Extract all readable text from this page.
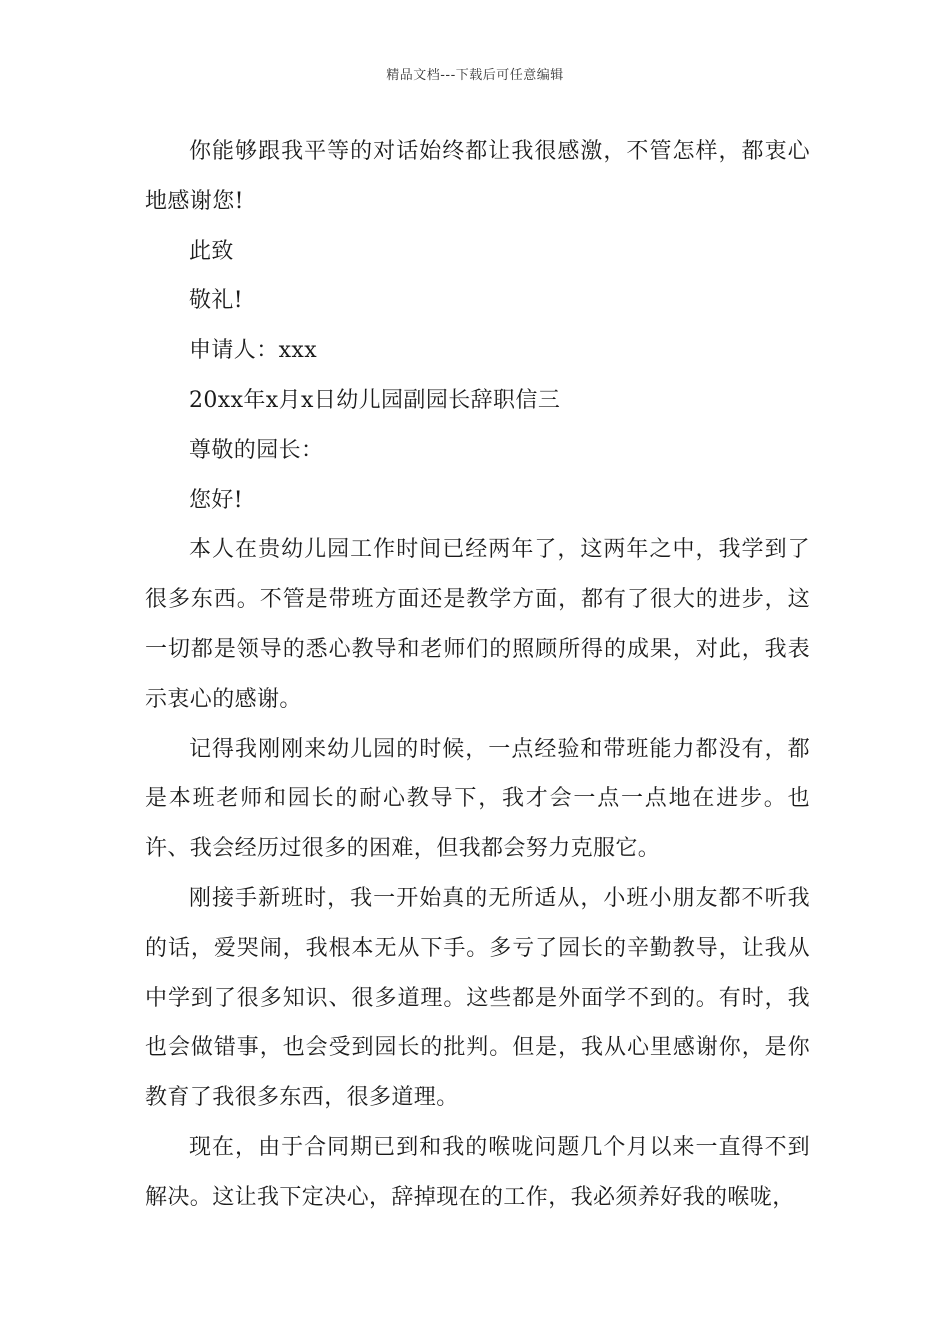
精品文档---下载后可任意编辑

你能够跟我平等的对话始终都让我很感激，不管怎样，都衷心地感谢您!

此致

敬礼!

申请人：xxx

20xx年x月x日幼儿园副园长辞职信三

尊敬的园长：

您好!

本人在贵幼儿园工作时间已经两年了，这两年之中，我学到了很多东西。不管是带班方面还是教学方面，都有了很大的进步，这一切都是领导的悉心教导和老师们的照顾所得的成果，对此，我表示衷心的感谢。

记得我刚刚来幼儿园的时候，一点经验和带班能力都没有，都是本班老师和园长的耐心教导下，我才会一点一点地在进步。也许、我会经历过很多的困难，但我都会努力克服它。

刚接手新班时，我一开始真的无所适从，小班小朋友都不听我的话，爱哭闹，我根本无从下手。多亏了园长的辛勤教导，让我从中学到了很多知识、很多道理。这些都是外面学不到的。有时，我也会做错事，也会受到园长的批判。但是，我从心里感谢你，是你教育了我很多东西，很多道理。

现在，由于合同期已到和我的喉咙问题几个月以来一直得不到解决。这让我下定决心，辞掉现在的工作，我必须养好我的喉咙，
